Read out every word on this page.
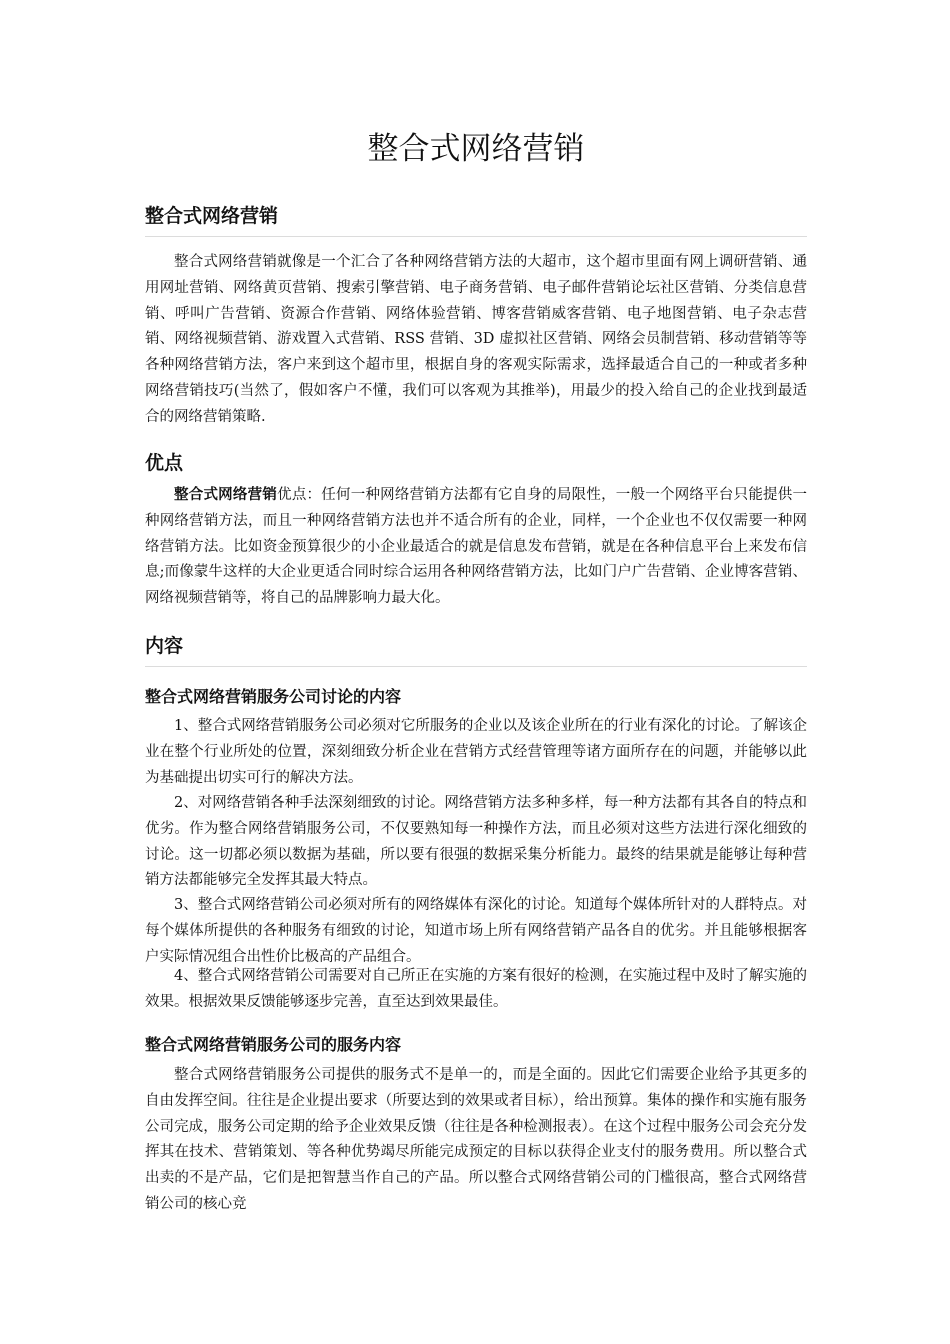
整合式网络营销
整合式网络营销

整合式网络营销就像是一个汇合了各种网络营销方法的大超市，这个超市里面有网上调研营销、通用网址营销、网络黄页营销、搜索引擎营销、电子商务营销、电子邮件营销论坛社区营销、分类信息营销、呼叫广告营销、资源合作营销、网络体验营销、博客营销威客营销、电子地图营销、电子杂志营销、网络视频营销、游戏置入式营销、RSS 营销、3D 虚拟社区营销、网络会员制营销、移动营销等等各种网络营销方法，客户来到这个超市里，根据自身的客观实际需求，选择最适合自己的一种或者多种网络营销技巧(当然了，假如客户不懂，我们可以客观为其推举)，用最少的投入给自己的企业找到最适合的网络营销策略.

优点

整合式网络营销优点：任何一种网络营销方法都有它自身的局限性，一般一个网络平台只能提供一种网络营销方法，而且一种网络营销方法也并不适合所有的企业，同样，一个企业也不仅仅需要一种网络营销方法。比如资金预算很少的小企业最适合的就是信息发布营销，就是在各种信息平台上来发布信息;而像蒙牛这样的大企业更适合同时综合运用各种网络营销方法，比如门户广告营销、企业博客营销、网络视频营销等，将自己的品牌影响力最大化。

内容
整合式网络营销服务公司讨论的内容

1、整合式网络营销服务公司必须对它所服务的企业以及该企业所在的行业有深化的讨论。了解该企业在整个行业所处的位置，深刻细致分析企业在营销方式经营管理等诸方面所存在的问题，并能够以此为基础提出切实可行的解决方法。

2、对网络营销各种手法深刻细致的讨论。网络营销方法多种多样，每一种方法都有其各自的特点和优劣。作为整合网络营销服务公司，不仅要熟知每一种操作方法，而且必须对这些方法进行深化细致的讨论。这一切都必须以数据为基础，所以要有很强的数据采集分析能力。最终的结果就是能够让每种营销方法都能够完全发挥其最大特点。

3、整合式网络营销公司必须对所有的网络媒体有深化的讨论。知道每个媒体所针对的人群特点。对每个媒体所提供的各种服务有细致的讨论，知道市场上所有网络营销产品各自的优劣。并且能够根据客户实际情况组合出性价比极高的产品组合。

4、整合式网络营销公司需要对自己所正在实施的方案有很好的检测，在实施过程中及时了解实施的效果。根据效果反馈能够逐步完善，直至达到效果最佳。

整合式网络营销服务公司的服务内容

整合式网络营销服务公司提供的服务式不是单一的，而是全面的。因此它们需要企业给予其更多的自由发挥空间。往往是企业提出要求（所要达到的效果或者目标），给出预算。集体的操作和实施有服务公司完成，服务公司定期的给予企业效果反馈（往往是各种检测报表）。在这个过程中服务公司会充分发挥其在技术、营销策划、等各种优势竭尽所能完成预定的目标以获得企业支付的服务费用。所以整合式出卖的不是产品，它们是把智慧当作自己的产品。所以整合式网络营销公司的门槛很高，整合式网络营销公司的核心竞
